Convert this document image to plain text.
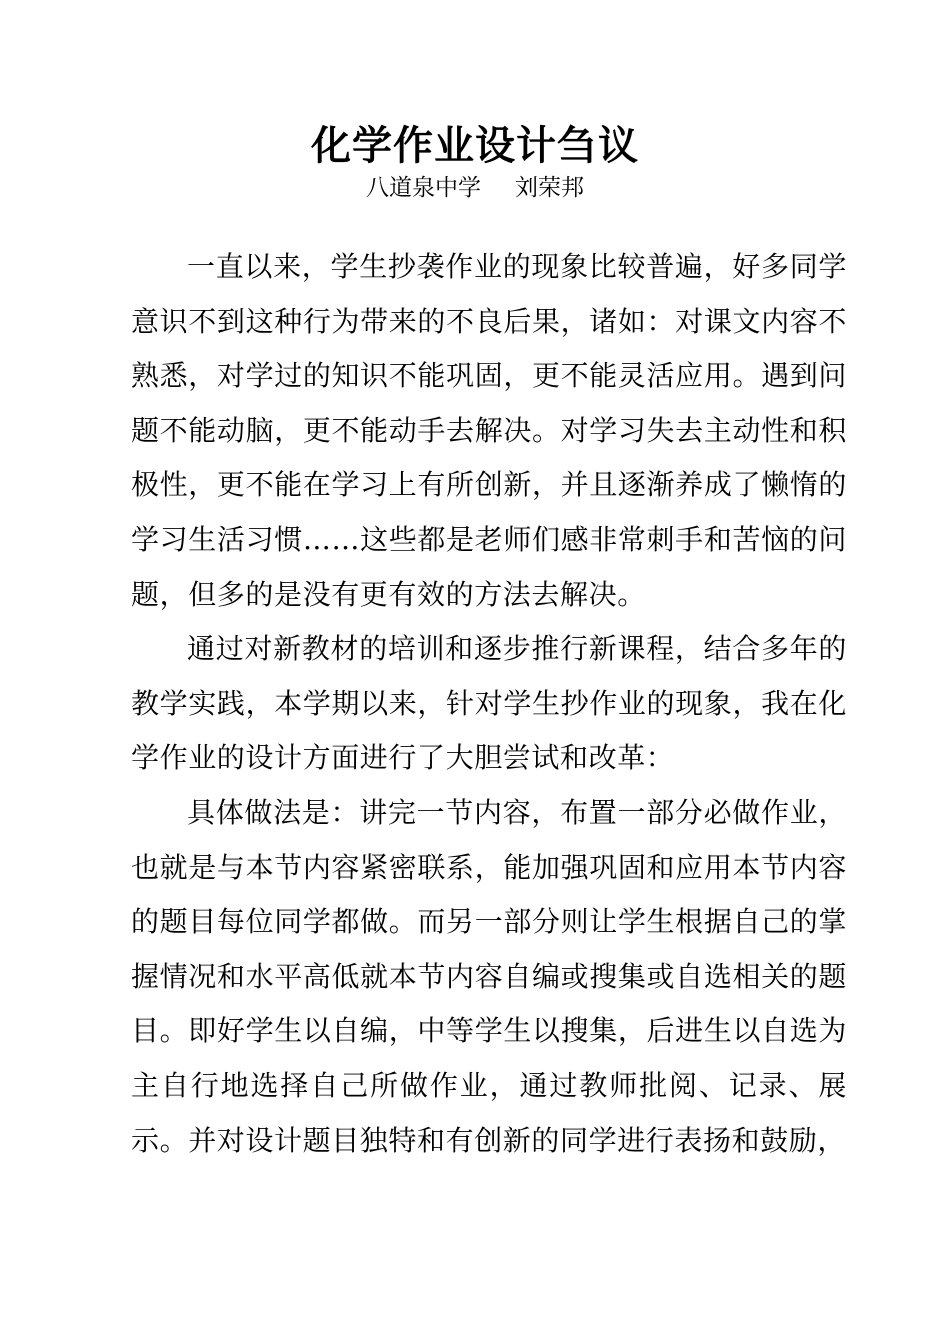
化学作业设计刍议
八道泉中学 刘荣邦

一直以来，学生抄袭作业的现象比较普遍，好多同学意识不到这种行为带来的不良后果，诸如：对课文内容不熟悉，对学过的知识不能巩固，更不能灵活应用。遇到问题不能动脑，更不能动手去解决。对学习失去主动性和积极性，更不能在学习上有所创新，并且逐渐养成了懒惰的学习生活习惯……这些都是老师们感非常刺手和苦恼的问题，但多的是没有更有效的方法去解决。

通过对新教材的培训和逐步推行新课程，结合多年的教学实践，本学期以来，针对学生抄作业的现象，我在化学作业的设计方面进行了大胆尝试和改革：

具体做法是：讲完一节内容，布置一部分必做作业，也就是与本节内容紧密联系，能加强巩固和应用本节内容的题目每位同学都做。而另一部分则让学生根据自己的掌握情况和水平高低就本节内容自编或搜集或自选相关的题目。即好学生以自编，中等学生以搜集，后进生以自选为主自行地选择自己所做作业，通过教师批阅、记录、展示。并对设计题目独特和有创新的同学进行表扬和鼓励，
